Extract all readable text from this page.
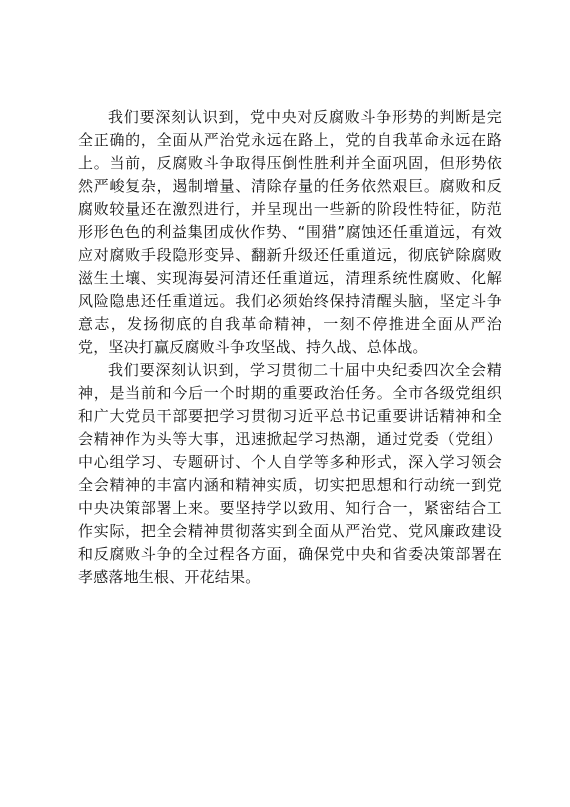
我们要深刻认识到，党中央对反腐败斗争形势的判断是完全正确的，全面从严治党永远在路上，党的自我革命永远在路上。当前，反腐败斗争取得压倒性胜利并全面巩固，但形势依然严峻复杂，遏制增量、清除存量的任务依然艰巨。腐败和反腐败较量还在激烈进行，并呈现出一些新的阶段性特征，防范形形色色的利益集团成伙作势、“围猎”腐蚀还任重道远，有效应对腐败手段隐形变异、翻新升级还任重道远，彻底铲除腐败滋生土壤、实现海晏河清还任重道远，清理系统性腐败、化解风险隐患还任重道远。我们必须始终保持清醒头脑，坚定斗争意志，发扬彻底的自我革命精神，一刻不停推进全面从严治党，坚决打赢反腐败斗争攻坚战、持久战、总体战。

我们要深刻认识到，学习贯彻二十届中央纪委四次全会精神，是当前和今后一个时期的重要政治任务。全市各级党组织和广大党员干部要把学习贯彻习近平总书记重要讲话精神和全会精神作为头等大事，迅速掀起学习热潮，通过党委（党组）中心组学习、专题研讨、个人自学等多种形式，深入学习领会全会精神的丰富内涵和精神实质，切实把思想和行动统一到党中央决策部署上来。要坚持学以致用、知行合一，紧密结合工作实际，把全会精神贯彻落实到全面从严治党、党风廉政建设和反腐败斗争的全过程各方面，确保党中央和省委决策部署在孝感落地生根、开花结果。
